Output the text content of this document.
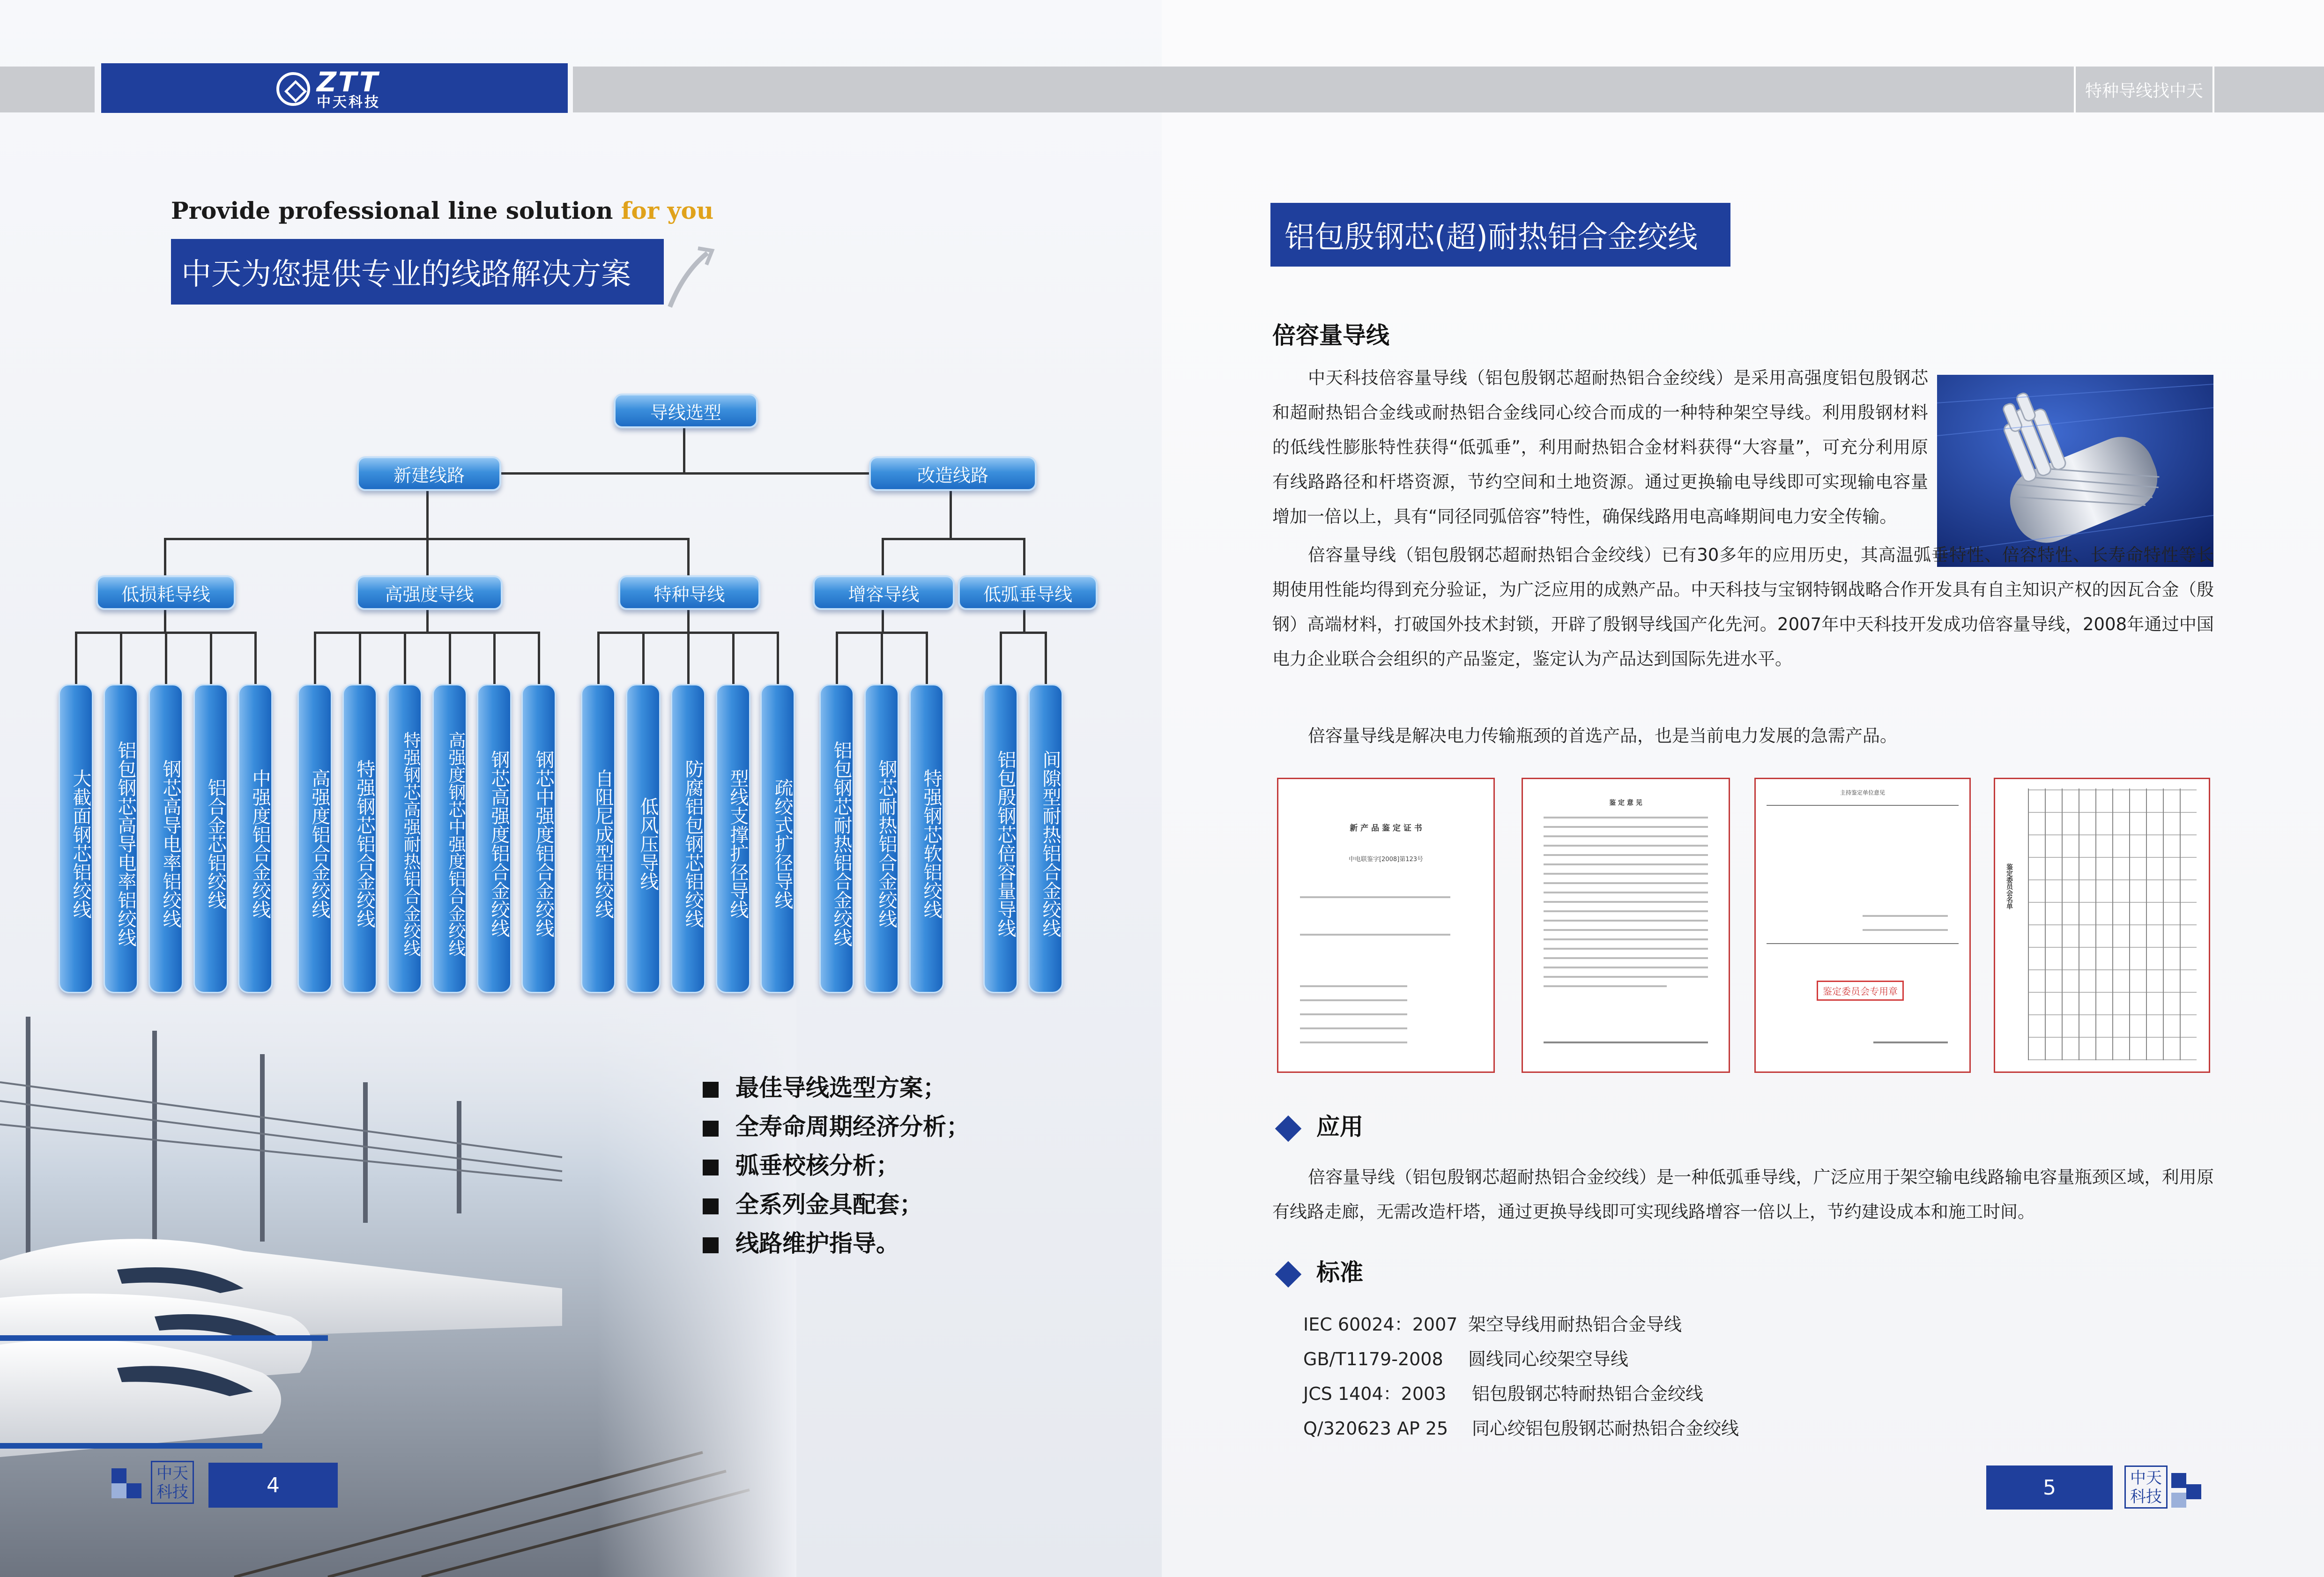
ZTT
中天科技
特种导线找中天
Provide professional line solution for you
中天为您提供专业的线路解决方案
导线选型
新建线路	改造线路
低损耗导线	高强度导线	特种导线	增容导线	低弧垂导线
大截面钢芯铝绞线	铝包钢芯高导电率铝绞线	钢芯高导电率铝绞线	铝合金芯铝绞线	中强度铝合金绞线	高强度铝合金绞线	特强钢芯铝合金绞线	特强钢芯高强耐热铝合金绞线	高强度钢芯中强度铝合金绞线	钢芯高强度铝合金绞线	钢芯中强度铝合金绞线	自阻尼成型铝绞线	低风压导线	防腐铝包钢芯铝绞线	型线支撑扩径导线	疏绞式扩径导线	铝包钢芯耐热铝合金绞线	钢芯耐热铝合金绞线	特强钢芯软铝绞线	铝包殷钢芯倍容量导线	间隙型耐热铝合金绞线
最佳导线选型方案；
全寿命周期经济分析；
弧垂校核分析；
全系列金具配套；
线路维护指导。
中天科技	4
铝包殷钢芯(超)耐热铝合金绞线
倍容量导线
中天科技倍容量导线（铝包殷钢芯超耐热铝合金绞线）是采用高强度铝包殷钢芯和超耐热铝合金线或耐热铝合金线同心绞合而成的一种特种架空导线。利用殷钢材料的低线性膨胀特性获得“低弧垂”，利用耐热铝合金材料获得“大容量”，可充分利用原有线路路径和杆塔资源，节约空间和土地资源。通过更换输电导线即可实现输电容量增加一倍以上，具有“同径同弧倍容”特性，确保线路用电高峰期间电力安全传输。
倍容量导线（铝包殷钢芯超耐热铝合金绞线）已有30多年的应用历史，其高温弧垂特性、倍容特性、长寿命特性等长期使用性能均得到充分验证，为广泛应用的成熟产品。中天科技与宝钢特钢战略合作开发具有自主知识产权的因瓦合金（殷钢）高端材料，打破国外技术封锁，开辟了殷钢导线国产化先河。2007年中天科技开发成功倍容量导线，2008年通过中国电力企业联合会组织的产品鉴定，鉴定认为产品达到国际先进水平。
倍容量导线是解决电力传输瓶颈的首选产品，也是当前电力发展的急需产品。
新 产 品 鉴 定 证 书
中电联鉴字[2008]第123号
鉴 定 意 见
主持鉴定单位意见
鉴定委员会专用章
鉴定委员会名单
应用
倍容量导线（铝包殷钢芯超耐热铝合金绞线）是一种低弧垂导线，广泛应用于架空输电线路输电容量瓶颈区域，利用原有线路走廊，无需改造杆塔，通过更换导线即可实现线路增容一倍以上，节约建设成本和施工时间。
标准
IEC 60024：2007 架空导线用耐热铝合金导线
GB/T1179-2008 圆线同心绞架空导线
JCS 1404：2003 铝包殷钢芯特耐热铝合金绞线
Q/320623 AP 25 同心绞铝包殷钢芯耐热铝合金绞线
5	中天科技
